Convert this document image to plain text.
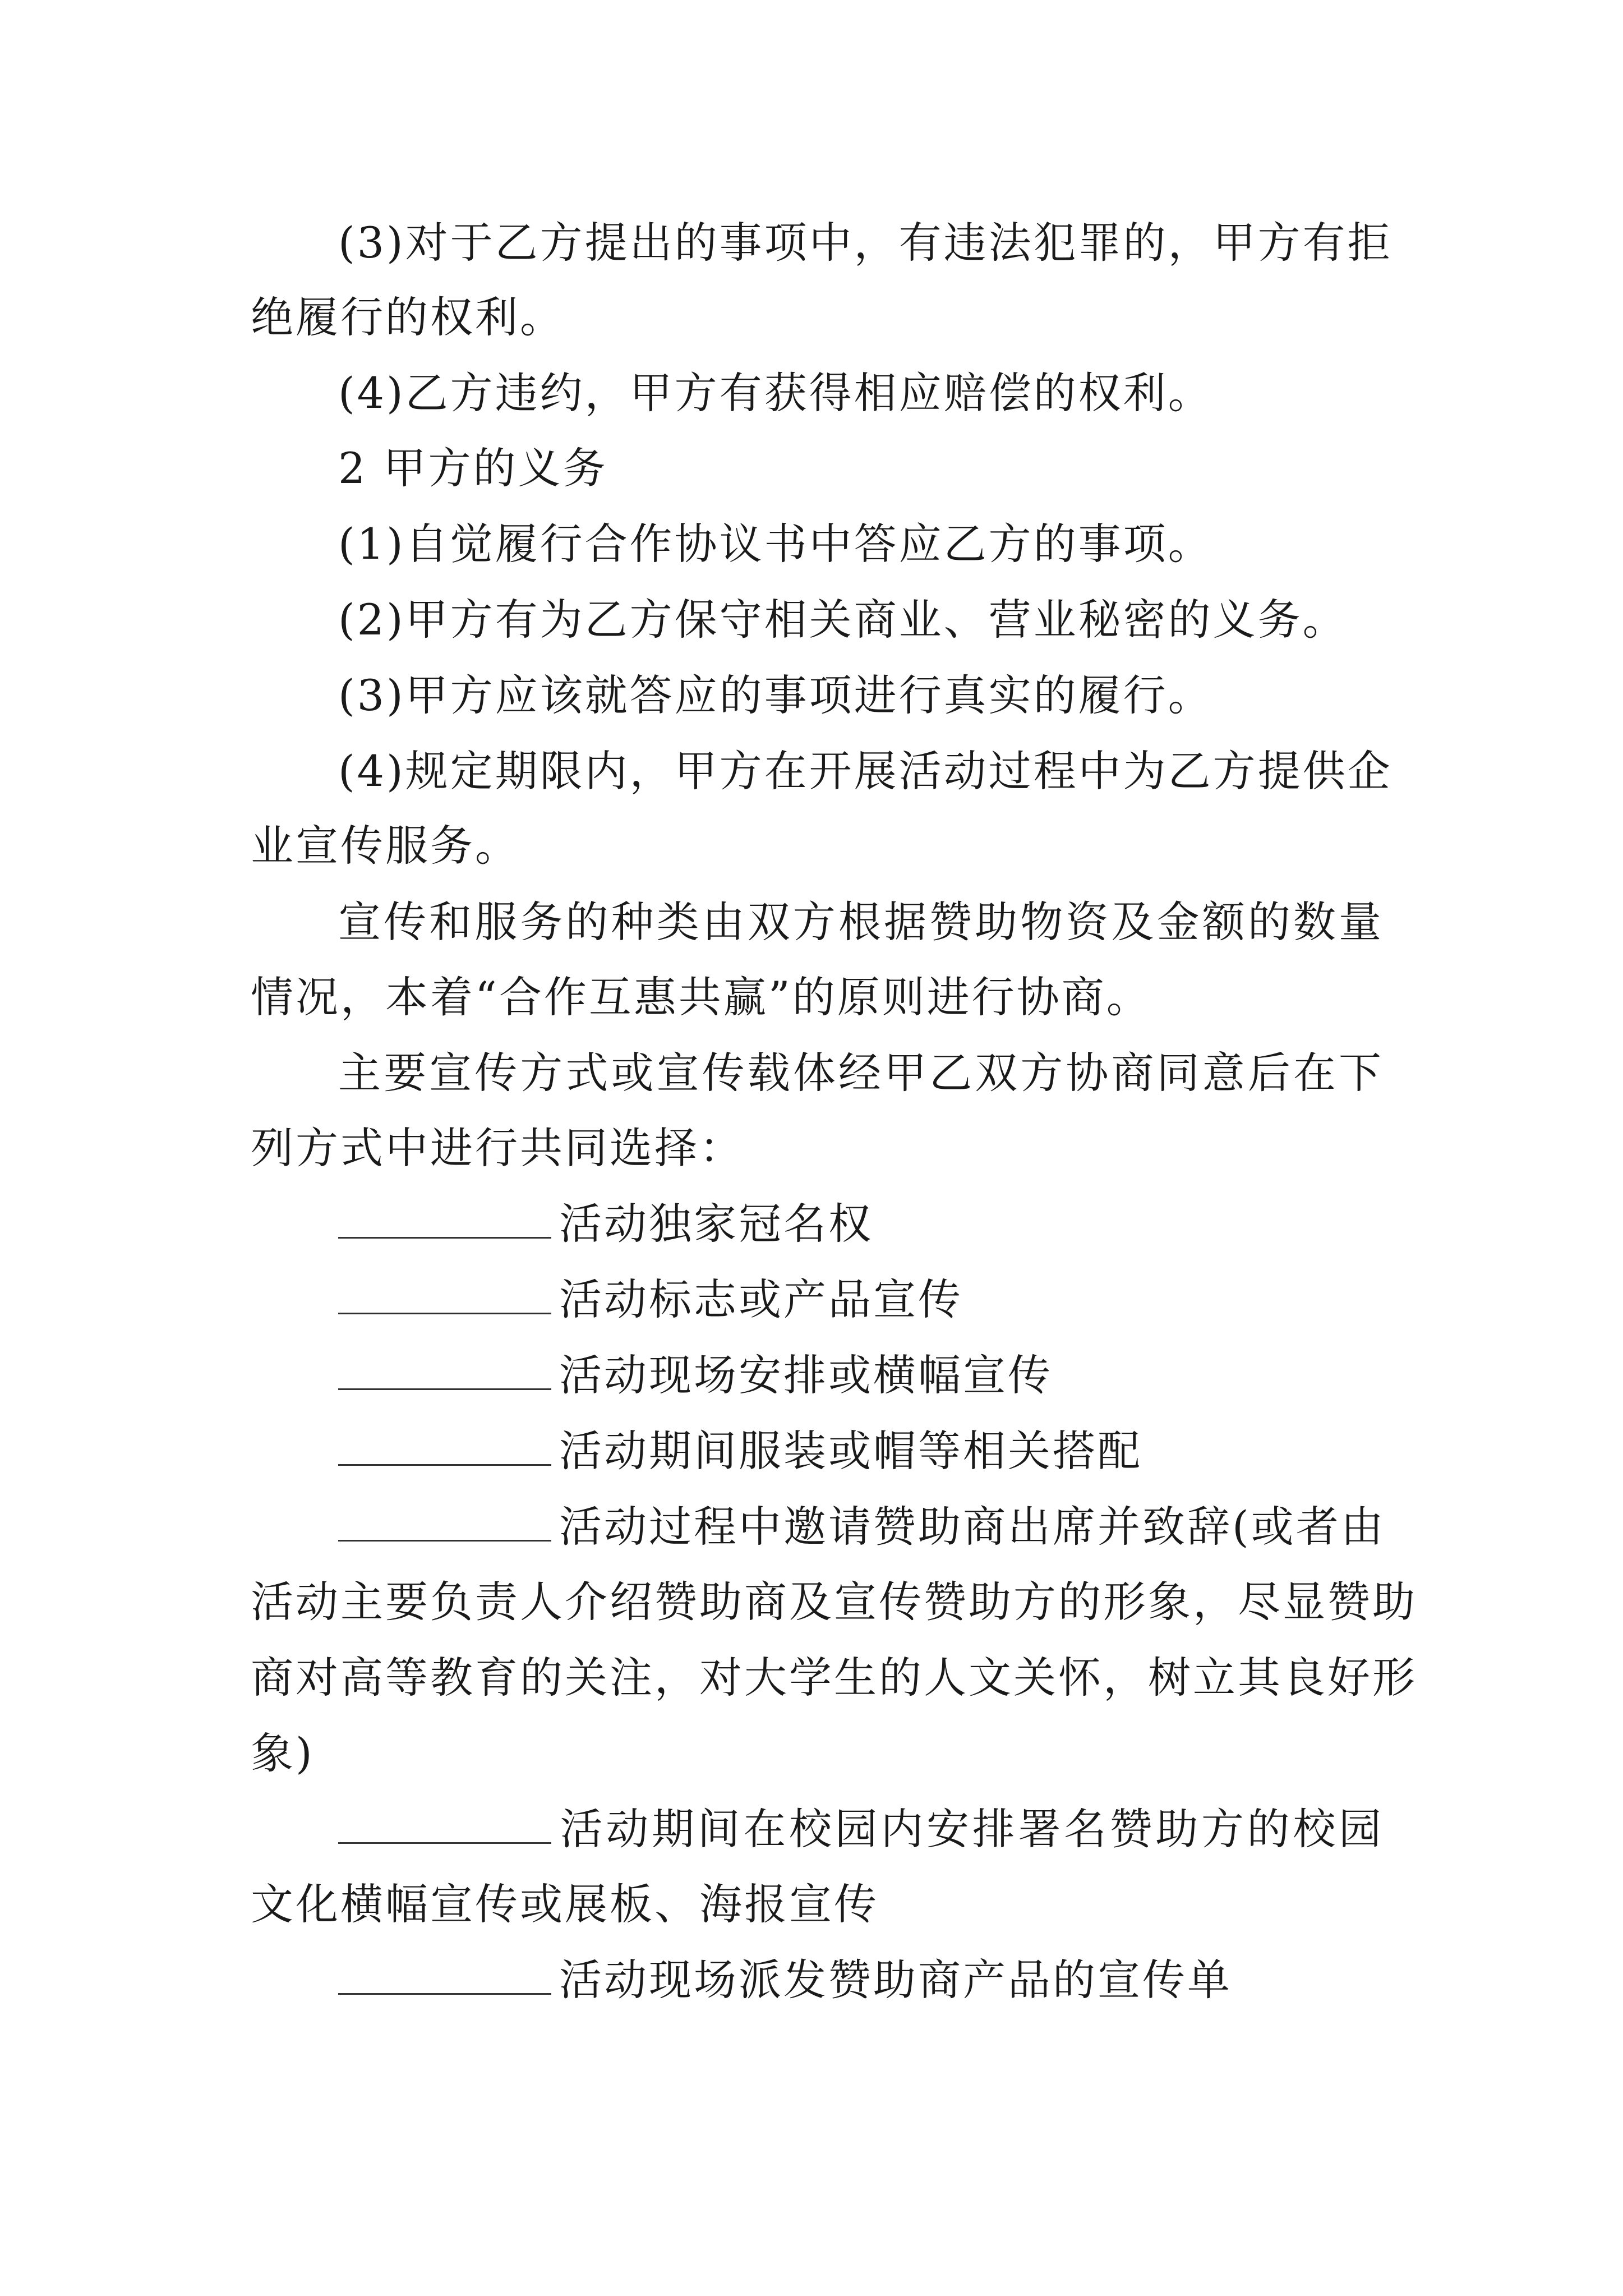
(3)对于乙方提出的事项中，有违法犯罪的，甲方有拒
绝履行的权利。
(4)乙方违约，甲方有获得相应赔偿的权利。
2 甲方的义务
(1)自觉履行合作协议书中答应乙方的事项。
(2)甲方有为乙方保守相关商业、营业秘密的义务。
(3)甲方应该就答应的事项进行真实的履行。
(4)规定期限内，甲方在开展活动过程中为乙方提供企
业宣传服务。
宣传和服务的种类由双方根据赞助物资及金额的数量
情况，本着“合作互惠共赢”的原则进行协商。
主要宣传方式或宣传载体经甲乙双方协商同意后在下
列方式中进行共同选择：
活动独家冠名权
活动标志或产品宣传
活动现场安排或横幅宣传
活动期间服装或帽等相关搭配
活动过程中邀请赞助商出席并致辞(或者由
活动主要负责人介绍赞助商及宣传赞助方的形象，尽显赞助
商对高等教育的关注，对大学生的人文关怀，树立其良好形
象)
活动期间在校园内安排署名赞助方的校园
文化横幅宣传或展板、海报宣传
活动现场派发赞助商产品的宣传单
